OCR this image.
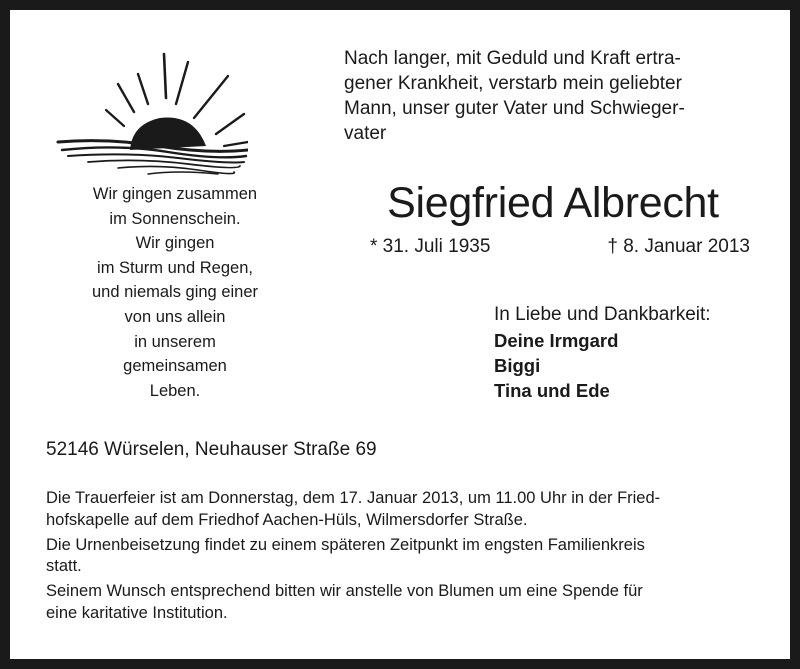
Nach langer, mit Geduld und Kraft ertra-
gener Krankheit, verstarb mein geliebter
Mann, unser guter Vater und Schwieger-
vater
Wir gingen zusammen
im Sonnenschein.
Wir gingen
im Sturm und Regen,
und niemals ging einer
von uns allein
in unserem
gemeinsamen
Leben.
Siegfried Albrecht
* 31. Juli 1935	† 8. Januar 2013
In Liebe und Dankbarkeit:
Deine Irmgard
Biggi
Tina und Ede
52146 Würselen, Neuhauser Straße 69

Die Trauerfeier ist am Donnerstag, dem 17. Januar 2013, um 11.00 Uhr in der Fried-
hofskapelle auf dem Friedhof Aachen-Hüls, Wilmersdorfer Straße.

Die Urnenbeisetzung findet zu einem späteren Zeitpunkt im engsten Familienkreis
statt.

Seinem Wunsch entsprechend bitten wir anstelle von Blumen um eine Spende für
eine karitative Institution.
